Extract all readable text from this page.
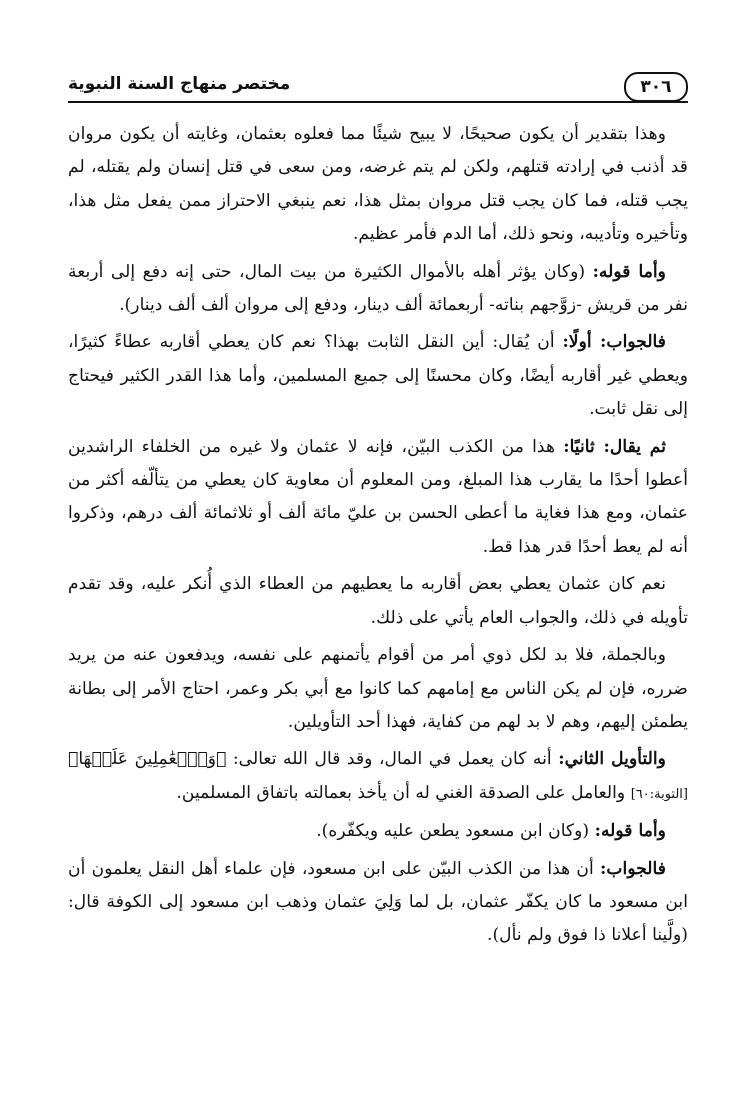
٣٠٦
مختصر منهاج السنة النبوية

وهذا بتقدير أن يكون صحيحًا، لا يبيح شيئًا مما فعلوه بعثمان، وغايته أن يكون مروان قد أذنب في إرادته قتلهم، ولكن لم يتم غرضه، ومن سعى في قتل إنسان ولم يقتله، لم يجب قتله، فما كان يجب قتل مروان بمثل هذا، نعم ينبغي الاحتراز ممن يفعل مثل هذا، وتأخيره وتأديبه، ونحو ذلك، أما الدم فأمر عظيم.

وأما قوله: (وكان يؤثر أهله بالأموال الكثيرة من بيت المال، حتى إنه دفع إلى أربعة نفر من قريش -زوَّجهم بناته- أربعمائة ألف دينار، ودفع إلى مروان ألف ألف دينار).

فالجواب: أولًا: أن يُقال: أين النقل الثابت بهذا؟ نعم كان يعطي أقاربه عطاءً كثيرًا، ويعطي غير أقاربه أيضًا، وكان محسنًا إلى جميع المسلمين، وأما هذا القدر الكثير فيحتاج إلى نقل ثابت.

ثم يقال: ثانيًا: هذا من الكذب البيّن، فإنه لا عثمان ولا غيره من الخلفاء الراشدين أعطوا أحدًا ما يقارب هذا المبلغ، ومن المعلوم أن معاوية كان يعطي من يتألّفه أكثر من عثمان، ومع هذا فغاية ما أعطى الحسن بن عليّ مائة ألف أو ثلاثمائة ألف درهم، وذكروا أنه لم يعط أحدًا قدر هذا قط.

نعم كان عثمان يعطي بعض أقاربه ما يعطيهم من العطاء الذي أُنكر عليه، وقد تقدم تأويله في ذلك، والجواب العام يأتي على ذلك.

وبالجملة، فلا بد لكل ذوي أمر من أقوام يأتمنهم على نفسه، ويدفعون عنه من يريد ضرره، فإن لم يكن الناس مع إمامهم كما كانوا مع أبي بكر وعمر، احتاج الأمر إلى بطانة يطمئن إليهم، وهم لا بد لهم من كفاية، فهذا أحد التأويلين.

والتأويل الثاني: أنه كان يعمل في المال، وقد قال الله تعالى: ﴿وَٱلۡعَٰمِلِينَ عَلَيۡهَا﴾ [التوبة:٦٠] والعامل على الصدقة الغني له أن يأخذ بعمالته باتفاق المسلمين.

وأما قوله: (وكان ابن مسعود يطعن عليه ويكفّره).

فالجواب: أن هذا من الكذب البيّن على ابن مسعود، فإن علماء أهل النقل يعلمون أن ابن مسعود ما كان يكفّر عثمان، بل لما وَلِيَ عثمان وذهب ابن مسعود إلى الكوفة قال: (ولَّينا أعلانا ذا فوق ولم نأل).
